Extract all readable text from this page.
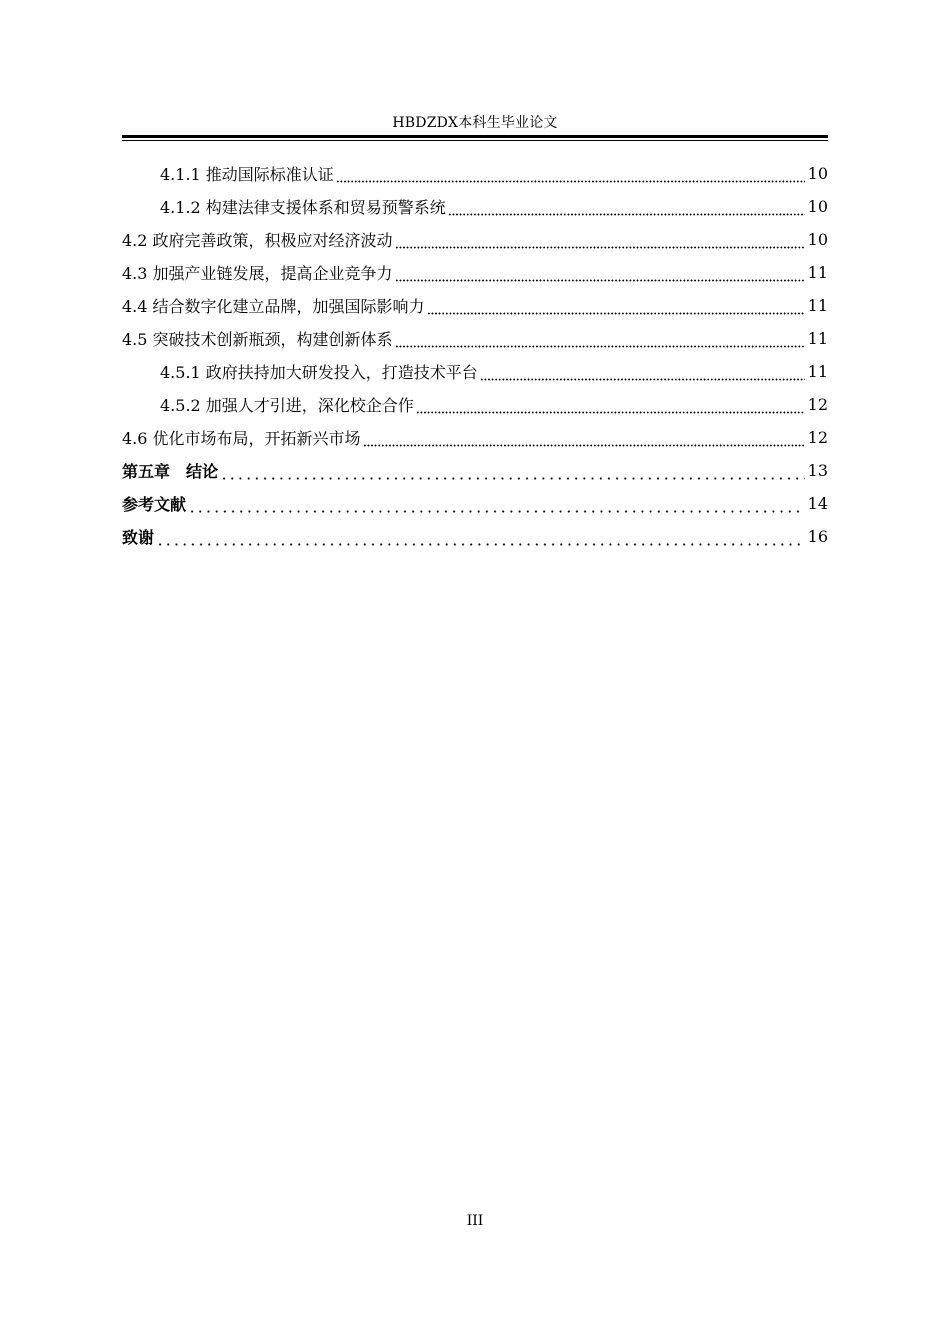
HBDZDX本科生毕业论文
4.1.1 推动国际标准认证	10
4.1.2 构建法律支援体系和贸易预警系统	10
4.2 政府完善政策，积极应对经济波动	10
4.3 加强产业链发展，提高企业竞争力	11
4.4 结合数字化建立品牌，加强国际影响力	11
4.5 突破技术创新瓶颈，构建创新体系	11
4.5.1 政府扶持加大研发投入，打造技术平台	11
4.5.2 加强人才引进，深化校企合作	12
4.6 优化市场布局，开拓新兴市场	12
第五章　结论	13
参考文献	14
致谢	16
III
